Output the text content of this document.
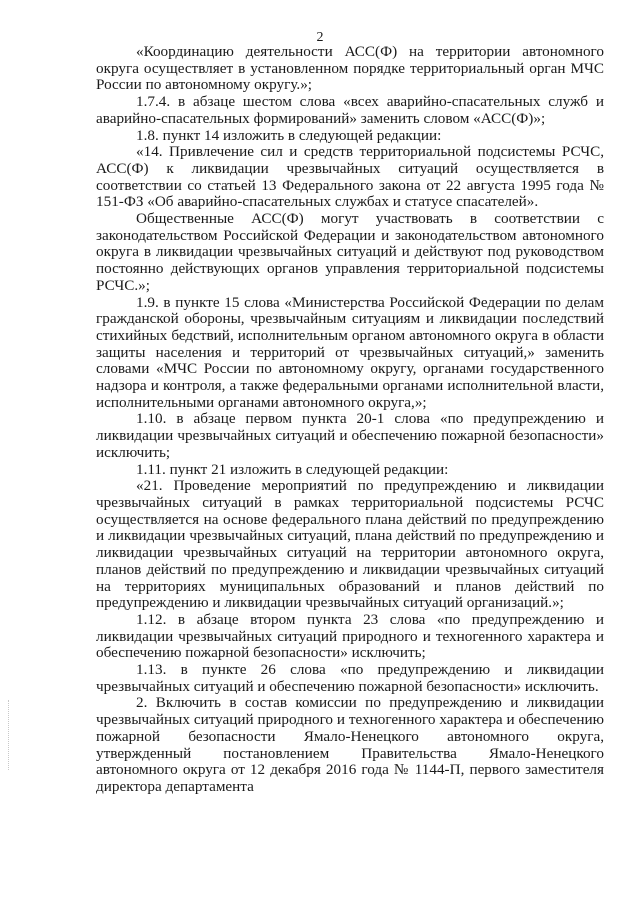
2

«Координацию деятельности АСС(Ф) на территории автономного округа осуществляет в установленном порядке территориальный орган МЧС России по автономному округу.»;

1.7.4. в абзаце шестом слова «всех аварийно-спасательных служб и аварийно-спасательных формирований» заменить словом «АСС(Ф)»;

1.8. пункт 14 изложить в следующей редакции:

«14. Привлечение сил и средств территориальной подсистемы РСЧС, АСС(Ф) к ликвидации чрезвычайных ситуаций осуществляется в соответствии со статьей 13 Федерального закона от 22 августа 1995 года № 151-ФЗ «Об аварийно-спасательных службах и статусе спасателей».

Общественные АСС(Ф) могут участвовать в соответствии с законодательством Российской Федерации и законодательством автономного округа в ликвидации чрезвычайных ситуаций и действуют под руководством постоянно действующих органов управления территориальной подсистемы РСЧС.»;

1.9. в пункте 15 слова «Министерства Российской Федерации по делам гражданской обороны, чрезвычайным ситуациям и ликвидации последствий стихийных бедствий, исполнительным органом автономного округа в области защиты населения и территорий от чрезвычайных ситуаций,» заменить словами «МЧС России по автономному округу, органами государственного надзора и контроля, а также федеральными органами исполнительной власти, исполнительными органами автономного округа,»;

1.10. в абзаце первом пункта 20-1 слова «по предупреждению и ликвидации чрезвычайных ситуаций и обеспечению пожарной безопасности» исключить;

1.11. пункт 21 изложить в следующей редакции:

«21. Проведение мероприятий по предупреждению и ликвидации чрезвычайных ситуаций в рамках территориальной подсистемы РСЧС осуществляется на основе федерального плана действий по предупреждению и ликвидации чрезвычайных ситуаций, плана действий по предупреждению и ликвидации чрезвычайных ситуаций на территории автономного округа, планов действий по предупреждению и ликвидации чрезвычайных ситуаций на территориях муниципальных образований и планов действий по предупреждению и ликвидации чрезвычайных ситуаций организаций.»;

1.12. в абзаце втором пункта 23 слова «по предупреждению и ликвидации чрезвычайных ситуаций природного и техногенного характера и обеспечению пожарной безопасности» исключить;

1.13. в пункте 26 слова «по предупреждению и ликвидации чрезвычайных ситуаций и обеспечению пожарной безопасности» исключить.

2. Включить в состав комиссии по предупреждению и ликвидации чрезвычайных ситуаций природного и техногенного характера и обеспечению пожарной безопасности Ямало-Ненецкого автономного округа, утвержденный постановлением Правительства Ямало-Ненецкого автономного округа от 12 декабря 2016 года № 1144-П, первого заместителя директора департамента
